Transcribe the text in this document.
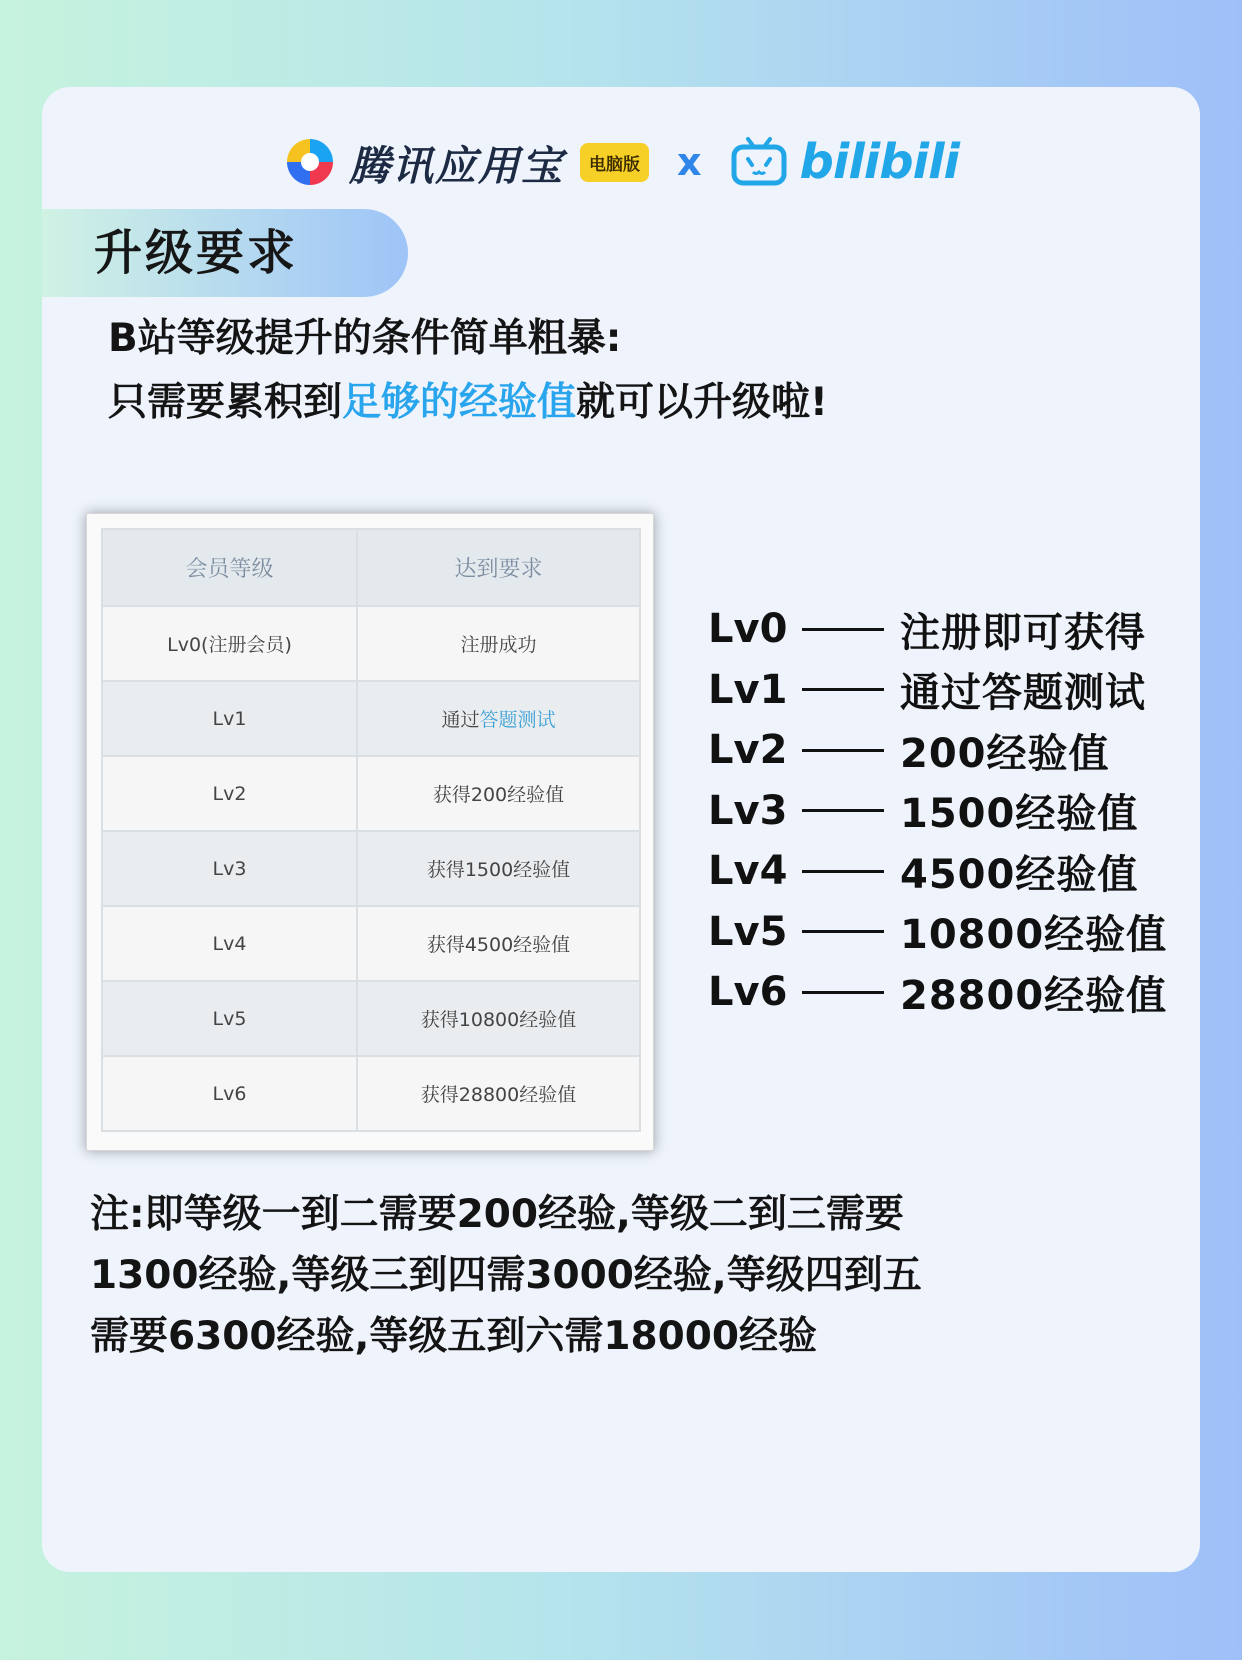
腾讯应用宝	电脑版 x bilibili
升级要求
B站等级提升的条件简单粗暴:
只需要累积到足够的经验值就可以升级啦!
会员等级	达到要求
Lv0(注册会员)	注册成功
Lv1	通过答题测试
Lv2	获得200经验值
Lv3	获得1500经验值
Lv4	获得4500经验值
Lv5	获得10800经验值
Lv6	获得28800经验值
Lv0	注册即可获得
Lv1	通过答题测试
Lv2	200经验值
Lv3	1500经验值
Lv4	4500经验值
Lv5	10800经验值
Lv6	28800经验值
注:即等级一到二需要200经验,等级二到三需要
1300经验,等级三到四需3000经验,等级四到五
需要6300经验,等级五到六需18000经验
